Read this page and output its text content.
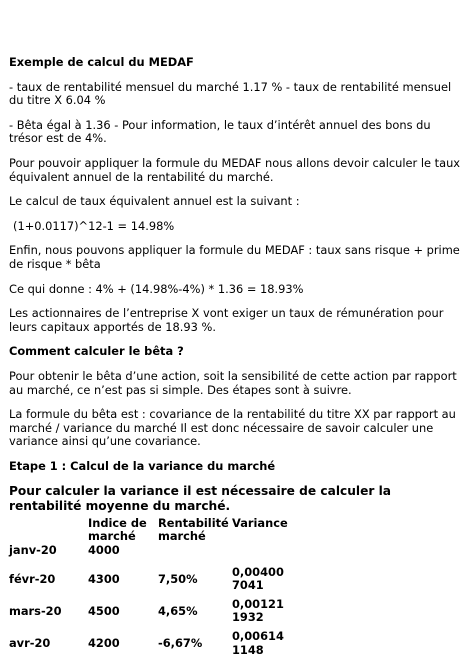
Exemple de calcul du MEDAF

- taux de rentabilité mensuel du marché 1.17 % - taux de rentabilité mensuel du titre X 6.04 %

- Bêta égal à 1.36 - Pour information, le taux d’intérêt annuel des bons du trésor est de 4%.

Pour pouvoir appliquer la formule du MEDAF nous allons devoir calculer le taux équivalent annuel de la rentabilité du marché.

Le calcul de taux équivalent annuel est la suivant :

(1+0.0117)^12-1 = 14.98%

Enfin, nous pouvons appliquer la formule du MEDAF : taux sans risque + prime de risque * bêta

Ce qui donne : 4% + (14.98%-4%) * 1.36 = 18.93%

Les actionnaires de l’entreprise X vont exiger un taux de rémunération pour leurs capitaux apportés de 18.93 %.

Comment calculer le bêta ?

Pour obtenir le bêta d’une action, soit la sensibilité de cette action par rapport au marché, ce n’est pas si simple. Des étapes sont à suivre.

La formule du bêta est : covariance de la rentabilité du titre XX par rapport au marché / variance du marché Il est donc nécessaire de savoir calculer une variance ainsi qu’une covariance.

Etape 1 : Calcul de la variance du marché

Pour calculer la variance il est nécessaire de calculer la rentabilité moyenne du marché.

	Indice de marché	Rentabilité marché	Variance
janv-20	4000		
févr-20	4300	7,50%	0,00400 7041
mars-20	4500	4,65%	0,00121 1932
avr-20	4200	-6,67%	0,00614 1148
